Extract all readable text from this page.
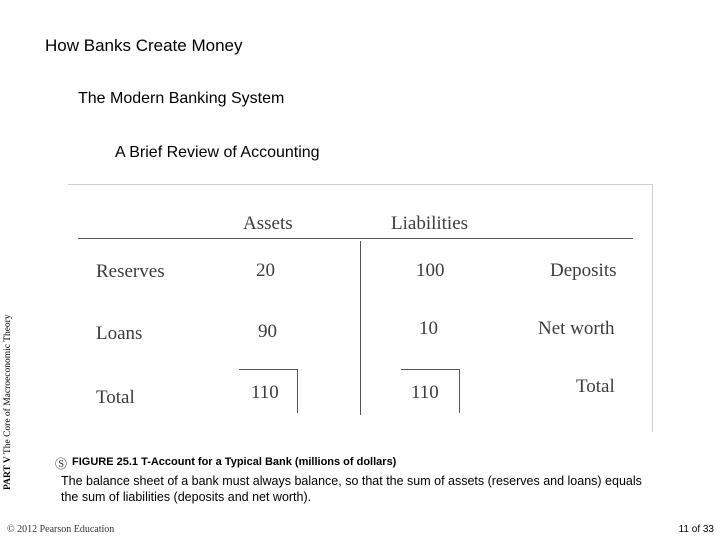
How Banks Create Money
The Modern Banking System
A Brief Review of Accounting
PART V The Core of Macroeconomic Theory
Assets	Liabilities
Reserves	20	100	Deposits
Loans	90	10	Net worth
Total	110	110	Total
Ⓢ FIGURE 25.1 T-Account for a Typical Bank (millions of dollars)
The balance sheet of a bank must always balance, so that the sum of assets (reserves and loans) equals the sum of liabilities (deposits and net worth).
© 2012 Pearson Education	11 of 33
